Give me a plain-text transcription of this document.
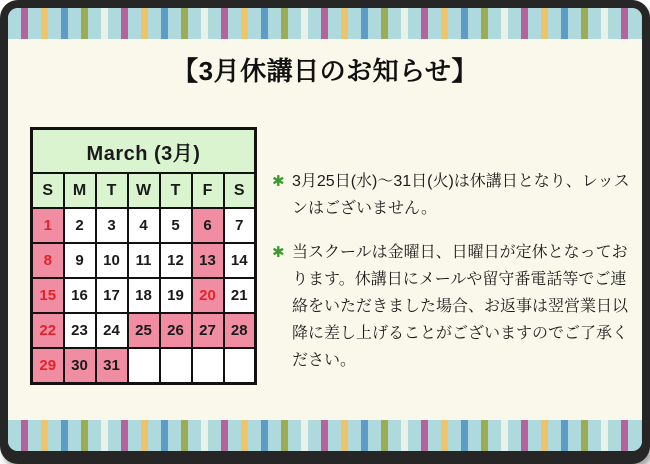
【3月休講日のお知らせ】
March (3月)						
S	M	T	W	T	F	S
1	2	3	4	5	6	7
8	9	10	11	12	13	14
15	16	17	18	19	20	21
22	23	24	25	26	27	28
29	30	31				
✱ 3月25日(水)～31日(火)は休講日となり、レッスンはございません。
✱ 当スクールは金曜日、日曜日が定休となっております。休講日にメールや留守番電話等でご連絡をいただきました場合、お返事は翌営業日以降に差し上げることがございますのでご了承ください。
